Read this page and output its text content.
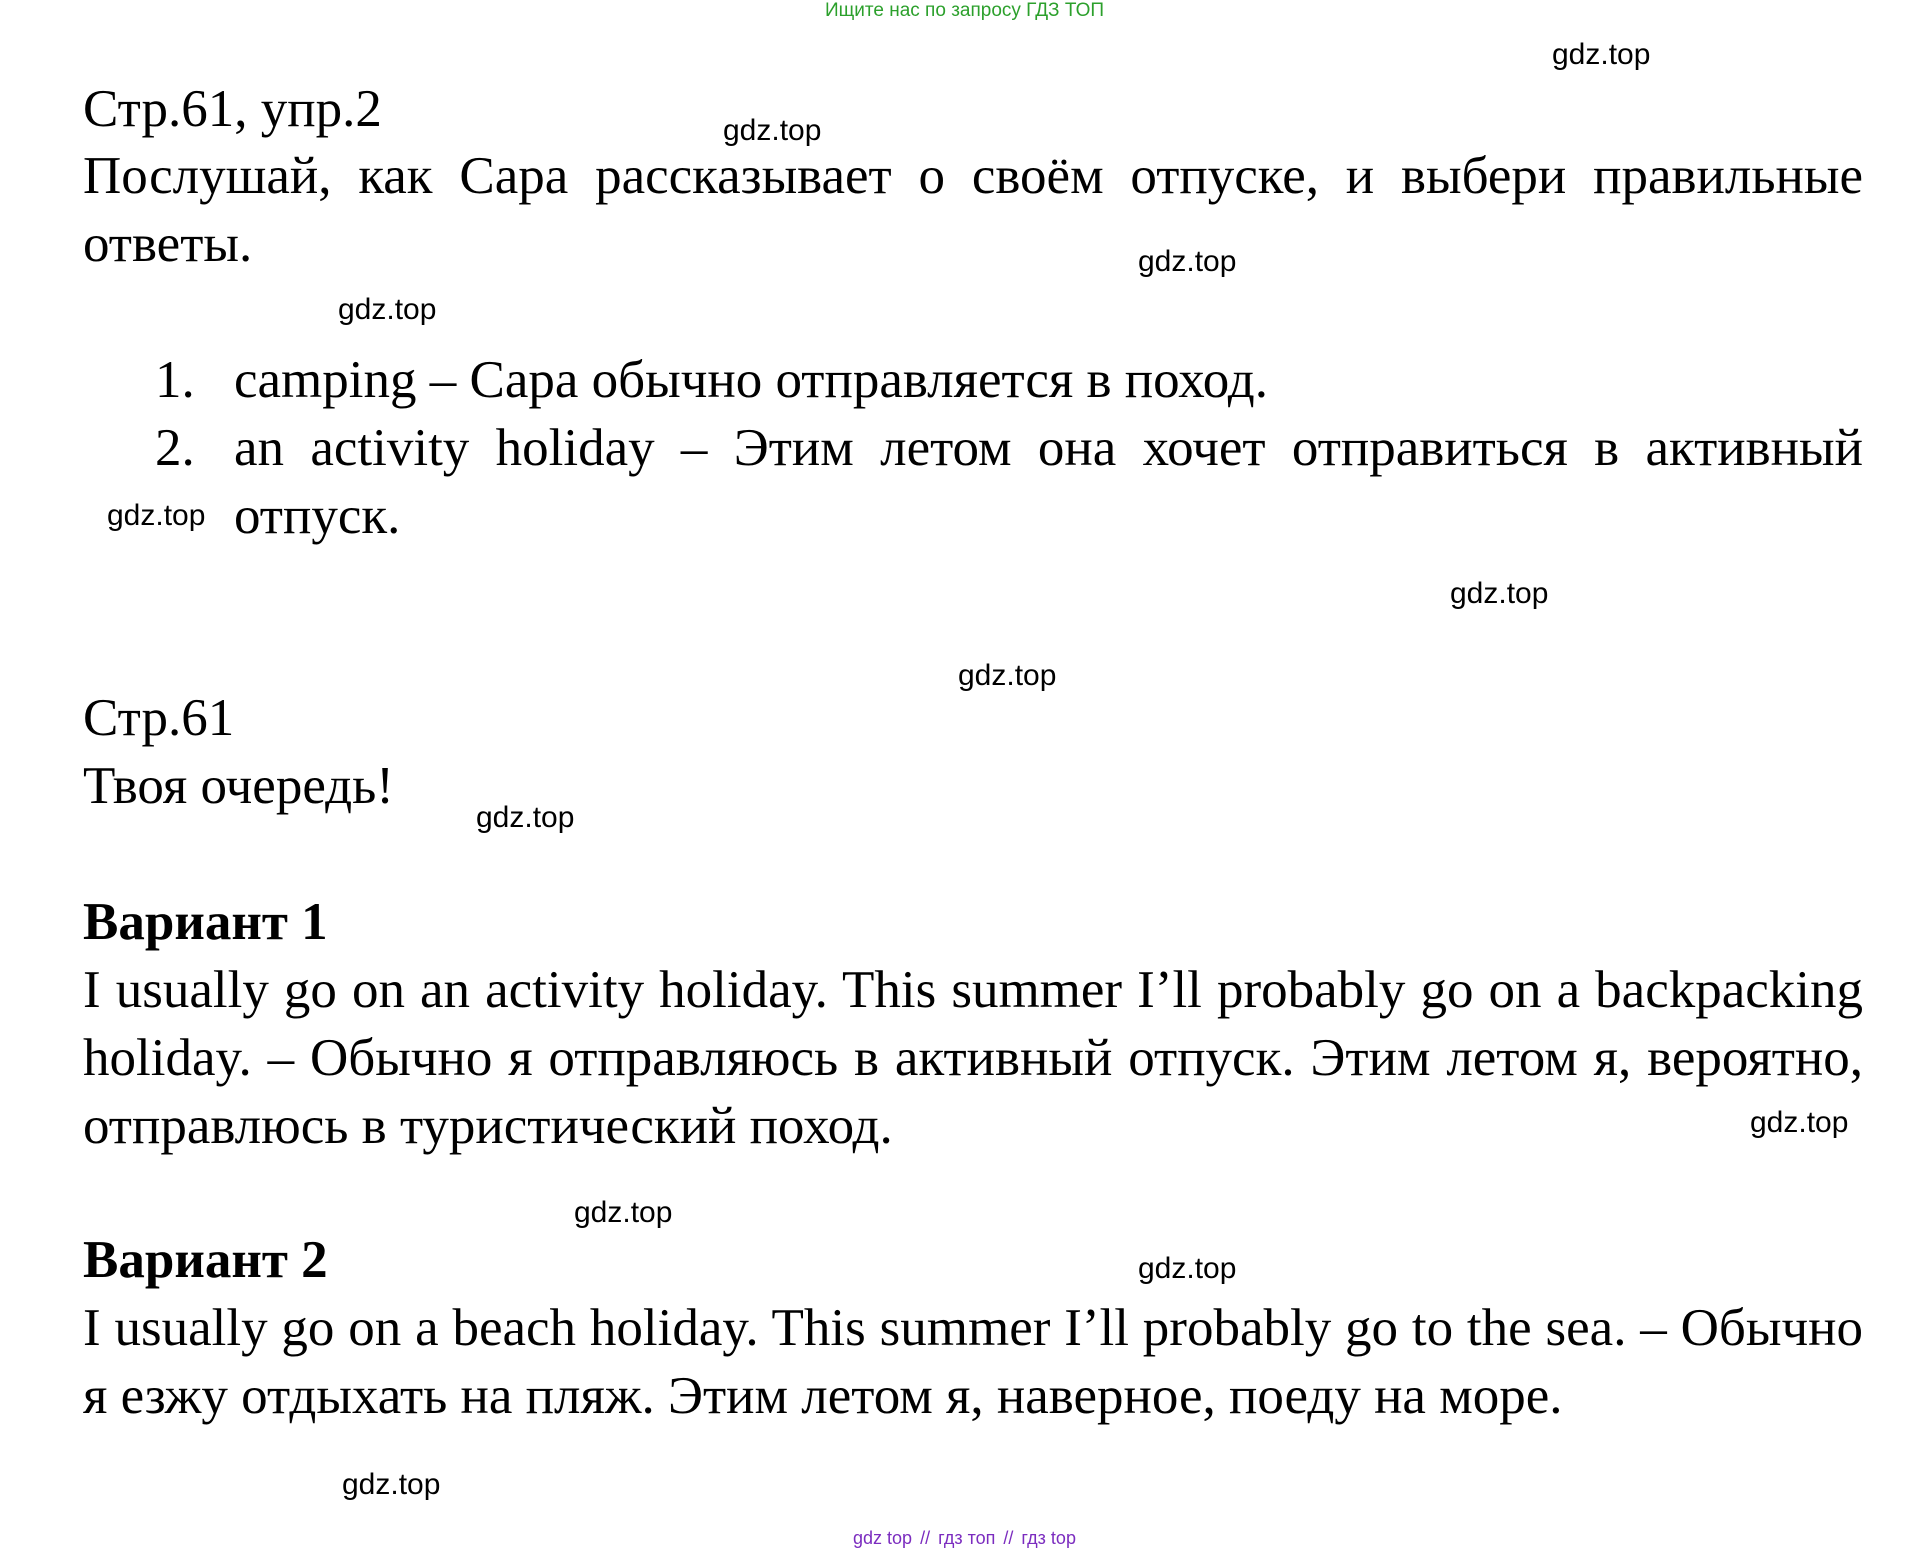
Ищите нас по запросу ГДЗ ТОП
gdz.top
gdz.top
gdz.top
gdz.top
gdz.top
gdz.top
gdz.top
gdz.top
gdz.top
gdz.top
gdz.top
Стр.61, упр.2
Послушай, как Сара рассказывает о своём отпуске, и выбери правильные ответы.
1. camping – Сара обычно отправляется в поход.
2. an activity holiday – Этим летом она хочет отправиться в активный отпуск.
gdz.top
Стр.61
Твоя очередь!
Вариант 1
I usually go on an activity holiday. This summer I’ll probably go on a backpacking holiday. – Обычно я отправляюсь в активный отпуск. Этим летом я, вероятно, отправлюсь в туристический поход.
Вариант 2
I usually go on a beach holiday. This summer I’ll probably go to the sea. – Обычно я езжу отдыхать на пляж. Этим летом я, наверное, поеду на море.
gdz top // гдз топ // гдз top
